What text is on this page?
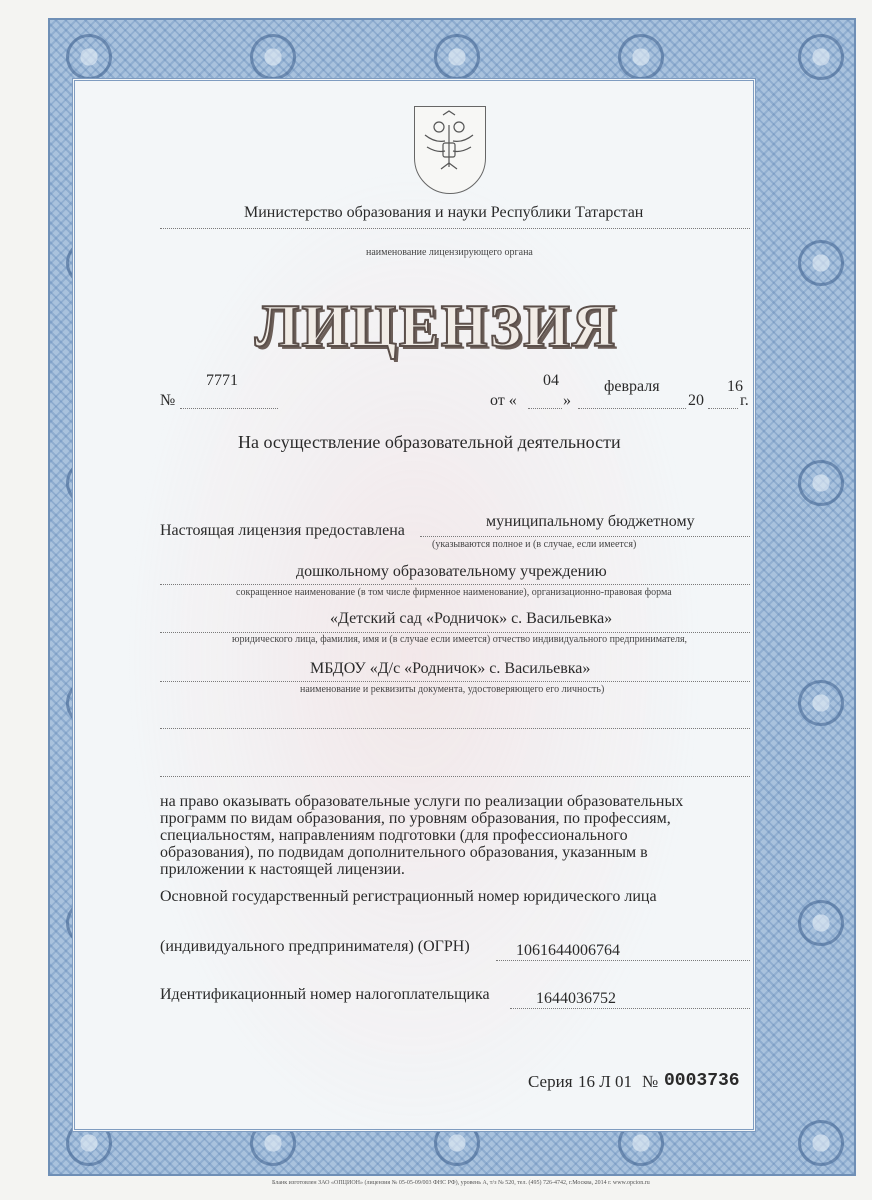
Министерство образования и науки Республики Татарстан
наименование лицензирующего органа
ЛИЦЕНЗИЯ
№
7771
от «
04
»
февраля
20
16
г.
На осуществление образовательной деятельности
Настоящая лицензия предоставлена
муниципальному бюджетному
(указываются полное и (в случае, если имеется)
дошкольному образовательному учреждению
сокращенное наименование (в том числе фирменное наименование), организационно-правовая форма
«Детский сад «Родничок» с. Васильевка»
юридического лица, фамилия, имя и (в случае если имеется) отчество индивидуального предпринимателя,
МБДОУ «Д/с «Родничок» с. Васильевка»
наименование и реквизиты документа, удостоверяющего его личность)
на право оказывать образовательные услуги по реализации образовательных
программ по видам образования, по уровням образования, по профессиям,
специальностям, направлениям подготовки (для профессионального
образования), по подвидам дополнительного образования, указанным в
приложении к настоящей лицензии.
Основной государственный регистрационный номер юридического лица
(индивидуального предпринимателя) (ОГРН)	1061644006764
Идентификационный номер налогоплательщика	1644036752
Серия 16 Л 01 № 0003736
Бланк изготовлен ЗАО «ОПЦИОН» (лицензия № 05-05-09/003 ФНС РФ), уровень А, т/з № 520, тел. (495) 726-4742, г.Москва, 2014 г. www.opcion.ru
